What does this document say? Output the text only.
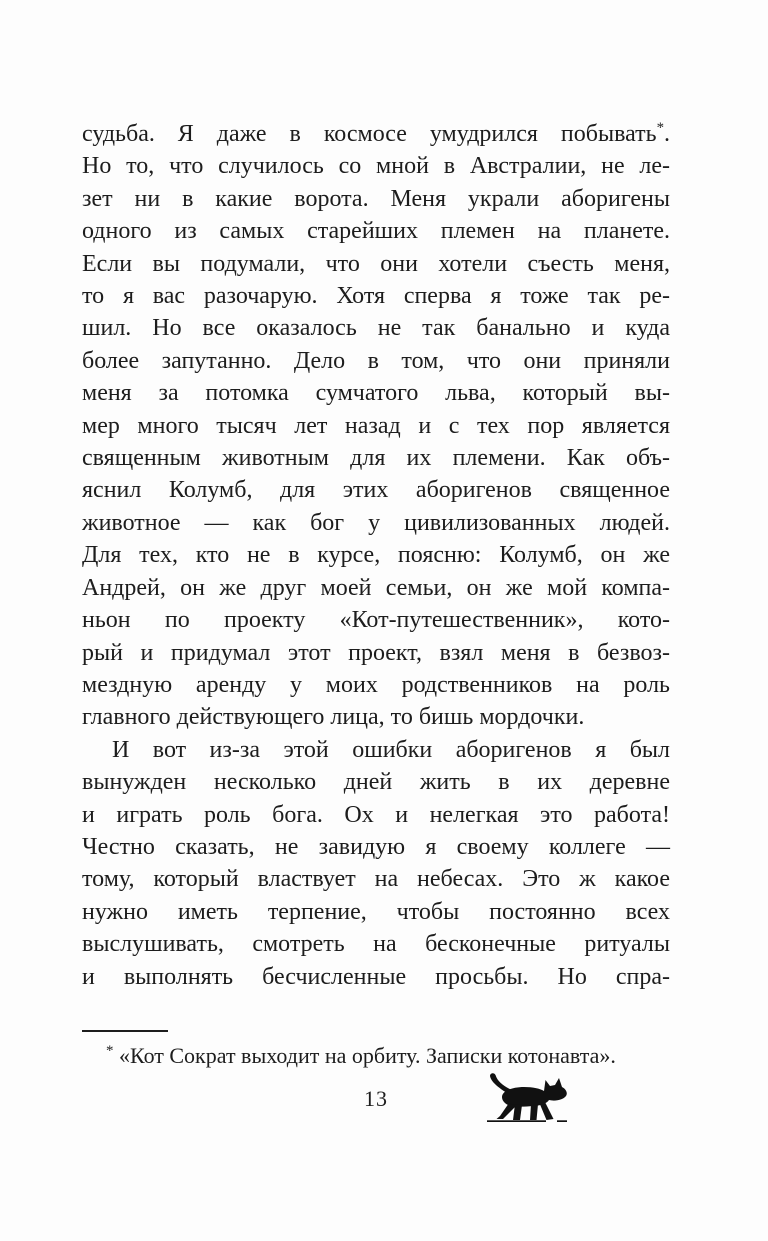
судьба. Я даже в космосе умудрился побывать*.
Но то, что случилось со мной в Австралии, не ле-
зет ни в какие ворота. Меня украли аборигены
одного из самых старейших племен на планете.
Если вы подумали, что они хотели съесть меня,
то я вас разочарую. Хотя сперва я тоже так ре-
шил. Но все оказалось не так банально и куда
более запутанно. Дело в том, что они приняли
меня за потомка сумчатого льва, который вы-
мер много тысяч лет назад и с тех пор является
священным животным для их племени. Как объ-
яснил Колумб, для этих аборигенов священное
животное — как бог у цивилизованных людей.
Для тех, кто не в курсе, поясню: Колумб, он же
Андрей, он же друг моей семьи, он же мой компа-
ньон по проекту «Кот-путешественник», кото-
рый и придумал этот проект, взял меня в безвоз-
мездную аренду у моих родственников на роль
главного действующего лица, то бишь мордочки.
И вот из-за этой ошибки аборигенов я был
вынужден несколько дней жить в их деревне
и играть роль бога. Ох и нелегкая это работа!
Честно сказать, не завидую я своему коллеге —
тому, который властвует на небесах. Это ж какое
нужно иметь терпение, чтобы постоянно всех
выслушивать, смотреть на бесконечные ритуалы
и выполнять бесчисленные просьбы. Но спра-
* «Кот Сократ выходит на орбиту. Записки котонавта».
13
